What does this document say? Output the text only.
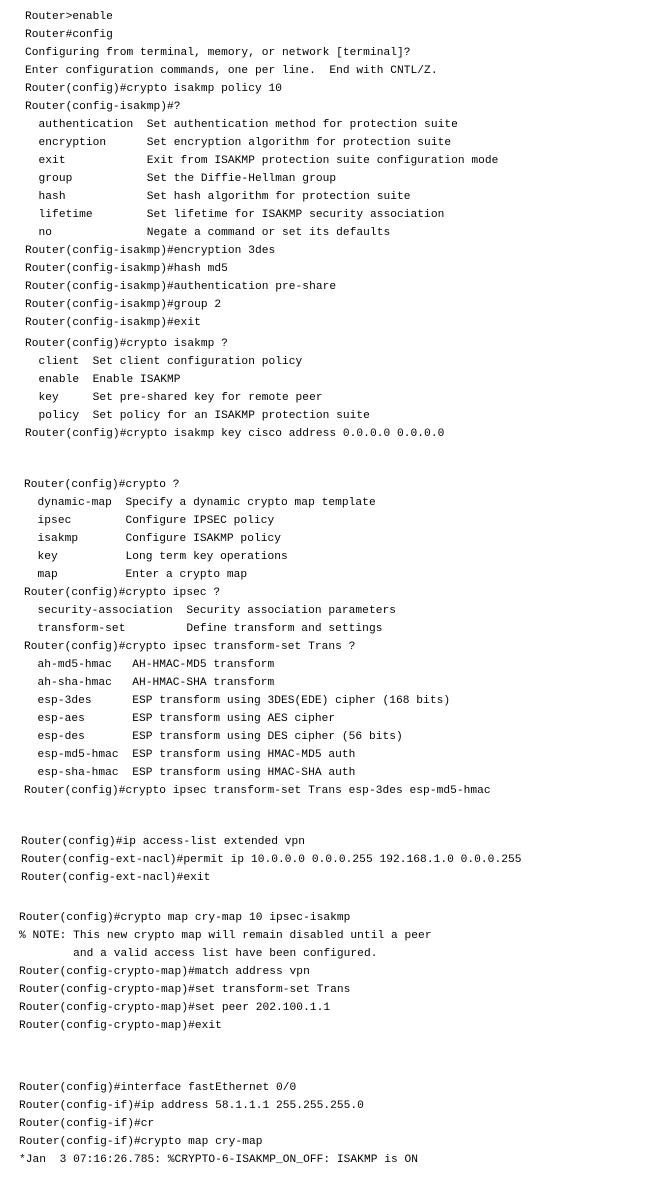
Router>enable
Router#config
Configuring from terminal, memory, or network [terminal]?
Enter configuration commands, one per line.  End with CNTL/Z.
Router(config)#crypto isakmp policy 10
Router(config-isakmp)#?
authentication  Set authentication method for protection suite
encryption      Set encryption algorithm for protection suite
exit            Exit from ISAKMP protection suite configuration mode
group           Set the Diffie-Hellman group
hash            Set hash algorithm for protection suite
lifetime        Set lifetime for ISAKMP security association
no              Negate a command or set its defaults
Router(config-isakmp)#encryption 3des
Router(config-isakmp)#hash md5
Router(config-isakmp)#authentication pre-share
Router(config-isakmp)#group 2
Router(config-isakmp)#exit
Router(config)#crypto isakmp ?
client  Set client configuration policy
enable  Enable ISAKMP
key     Set pre-shared key for remote peer
policy  Set policy for an ISAKMP protection suite
Router(config)#crypto isakmp key cisco address 0.0.0.0 0.0.0.0
Router(config)#crypto ?
dynamic-map  Specify a dynamic crypto map template
ipsec        Configure IPSEC policy
isakmp       Configure ISAKMP policy
key          Long term key operations
map          Enter a crypto map
Router(config)#crypto ipsec ?
security-association  Security association parameters
transform-set         Define transform and settings
Router(config)#crypto ipsec transform-set Trans ?
ah-md5-hmac   AH-HMAC-MD5 transform
ah-sha-hmac   AH-HMAC-SHA transform
esp-3des      ESP transform using 3DES(EDE) cipher (168 bits)
esp-aes       ESP transform using AES cipher
esp-des       ESP transform using DES cipher (56 bits)
esp-md5-hmac  ESP transform using HMAC-MD5 auth
esp-sha-hmac  ESP transform using HMAC-SHA auth
Router(config)#crypto ipsec transform-set Trans esp-3des esp-md5-hmac
Router(config)#ip access-list extended vpn
Router(config-ext-nacl)#permit ip 10.0.0.0 0.0.0.255 192.168.1.0 0.0.0.255
Router(config-ext-nacl)#exit
Router(config)#crypto map cry-map 10 ipsec-isakmp
% NOTE: This new crypto map will remain disabled until a peer
and a valid access list have been configured.
Router(config-crypto-map)#match address vpn
Router(config-crypto-map)#set transform-set Trans
Router(config-crypto-map)#set peer 202.100.1.1
Router(config-crypto-map)#exit
Router(config)#interface fastEthernet 0/0
Router(config-if)#ip address 58.1.1.1 255.255.255.0
Router(config-if)#cr
Router(config-if)#crypto map cry-map
*Jan  3 07:16:26.785: %CRYPTO-6-ISAKMP_ON_OFF: ISAKMP is ON
